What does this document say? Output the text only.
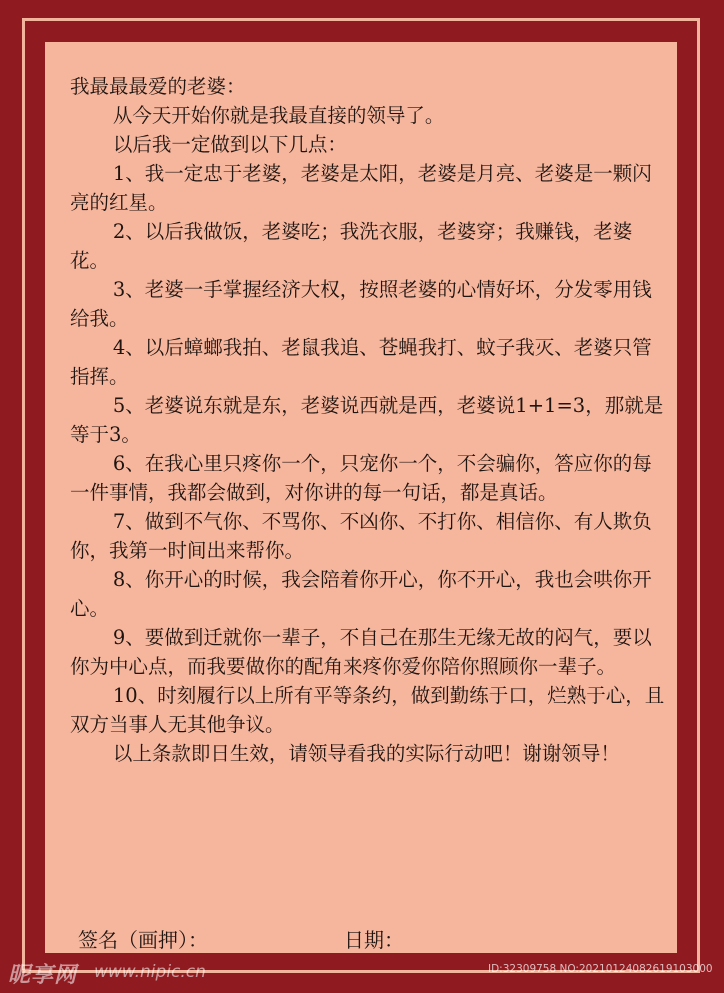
我最最最爱的老婆：

从今天开始你就是我最直接的领导了。

以后我一定做到以下几点：

1、我一定忠于老婆，老婆是太阳，老婆是月亮、老婆是一颗闪亮的红星。

2、以后我做饭，老婆吃；我洗衣服，老婆穿；我赚钱，老婆花。

3、老婆一手掌握经济大权，按照老婆的心情好坏，分发零用钱给我。

4、以后蟑螂我拍、老鼠我追、苍蝇我打、蚊子我灭、老婆只管指挥。

5、老婆说东就是东，老婆说西就是西，老婆说1+1=3，那就是等于3。

6、在我心里只疼你一个，只宠你一个，不会骗你，答应你的每一件事情，我都会做到，对你讲的每一句话，都是真话。

7、做到不气你、不骂你、不凶你、不打你、相信你、有人欺负你，我第一时间出来帮你。

8、你开心的时候，我会陪着你开心，你不开心，我也会哄你开心。

9、要做到迁就你一辈子，不自己在那生无缘无故的闷气，要以你为中心点，而我要做你的配角来疼你爱你陪你照顾你一辈子。

10、时刻履行以上所有平等条约，做到勤练于口，烂熟于心，且双方当事人无其他争议。

以上条款即日生效，请领导看我的实际行动吧！谢谢领导！

签名（画押）：	日期：
昵享网 www.nipic.cn	ID:32309758 NO:20210124082619103000
